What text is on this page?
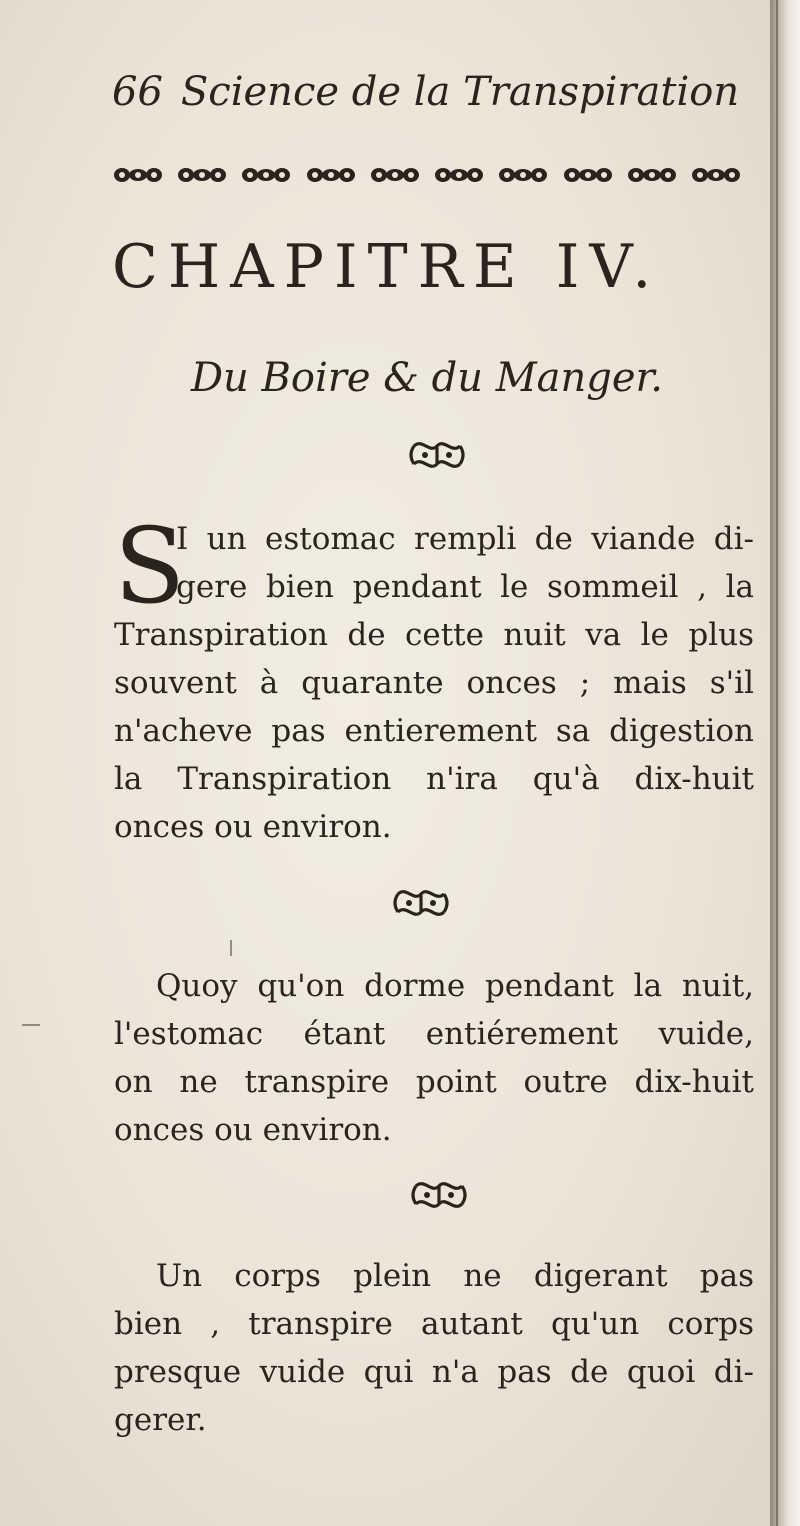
66 Science de la Transpiration
CHAPITRE IV.
Du Boire & du Manger.
S
I un estomac rempli de viande di-
gere bien pendant le sommeil , la
Transpiration de cette nuit va le plus
souvent à quarante onces ; mais s'il
n'acheve pas entierement sa digestion
la Transpiration n'ira qu'à dix-huit
onces ou environ.
Quoy qu'on dorme pendant la nuit,
l'estomac étant entiérement vuide,
on ne transpire point outre dix-huit
onces ou environ.
Un corps plein ne digerant pas
bien , transpire autant qu'un corps
presque vuide qui n'a pas de quoi di-
gerer.
